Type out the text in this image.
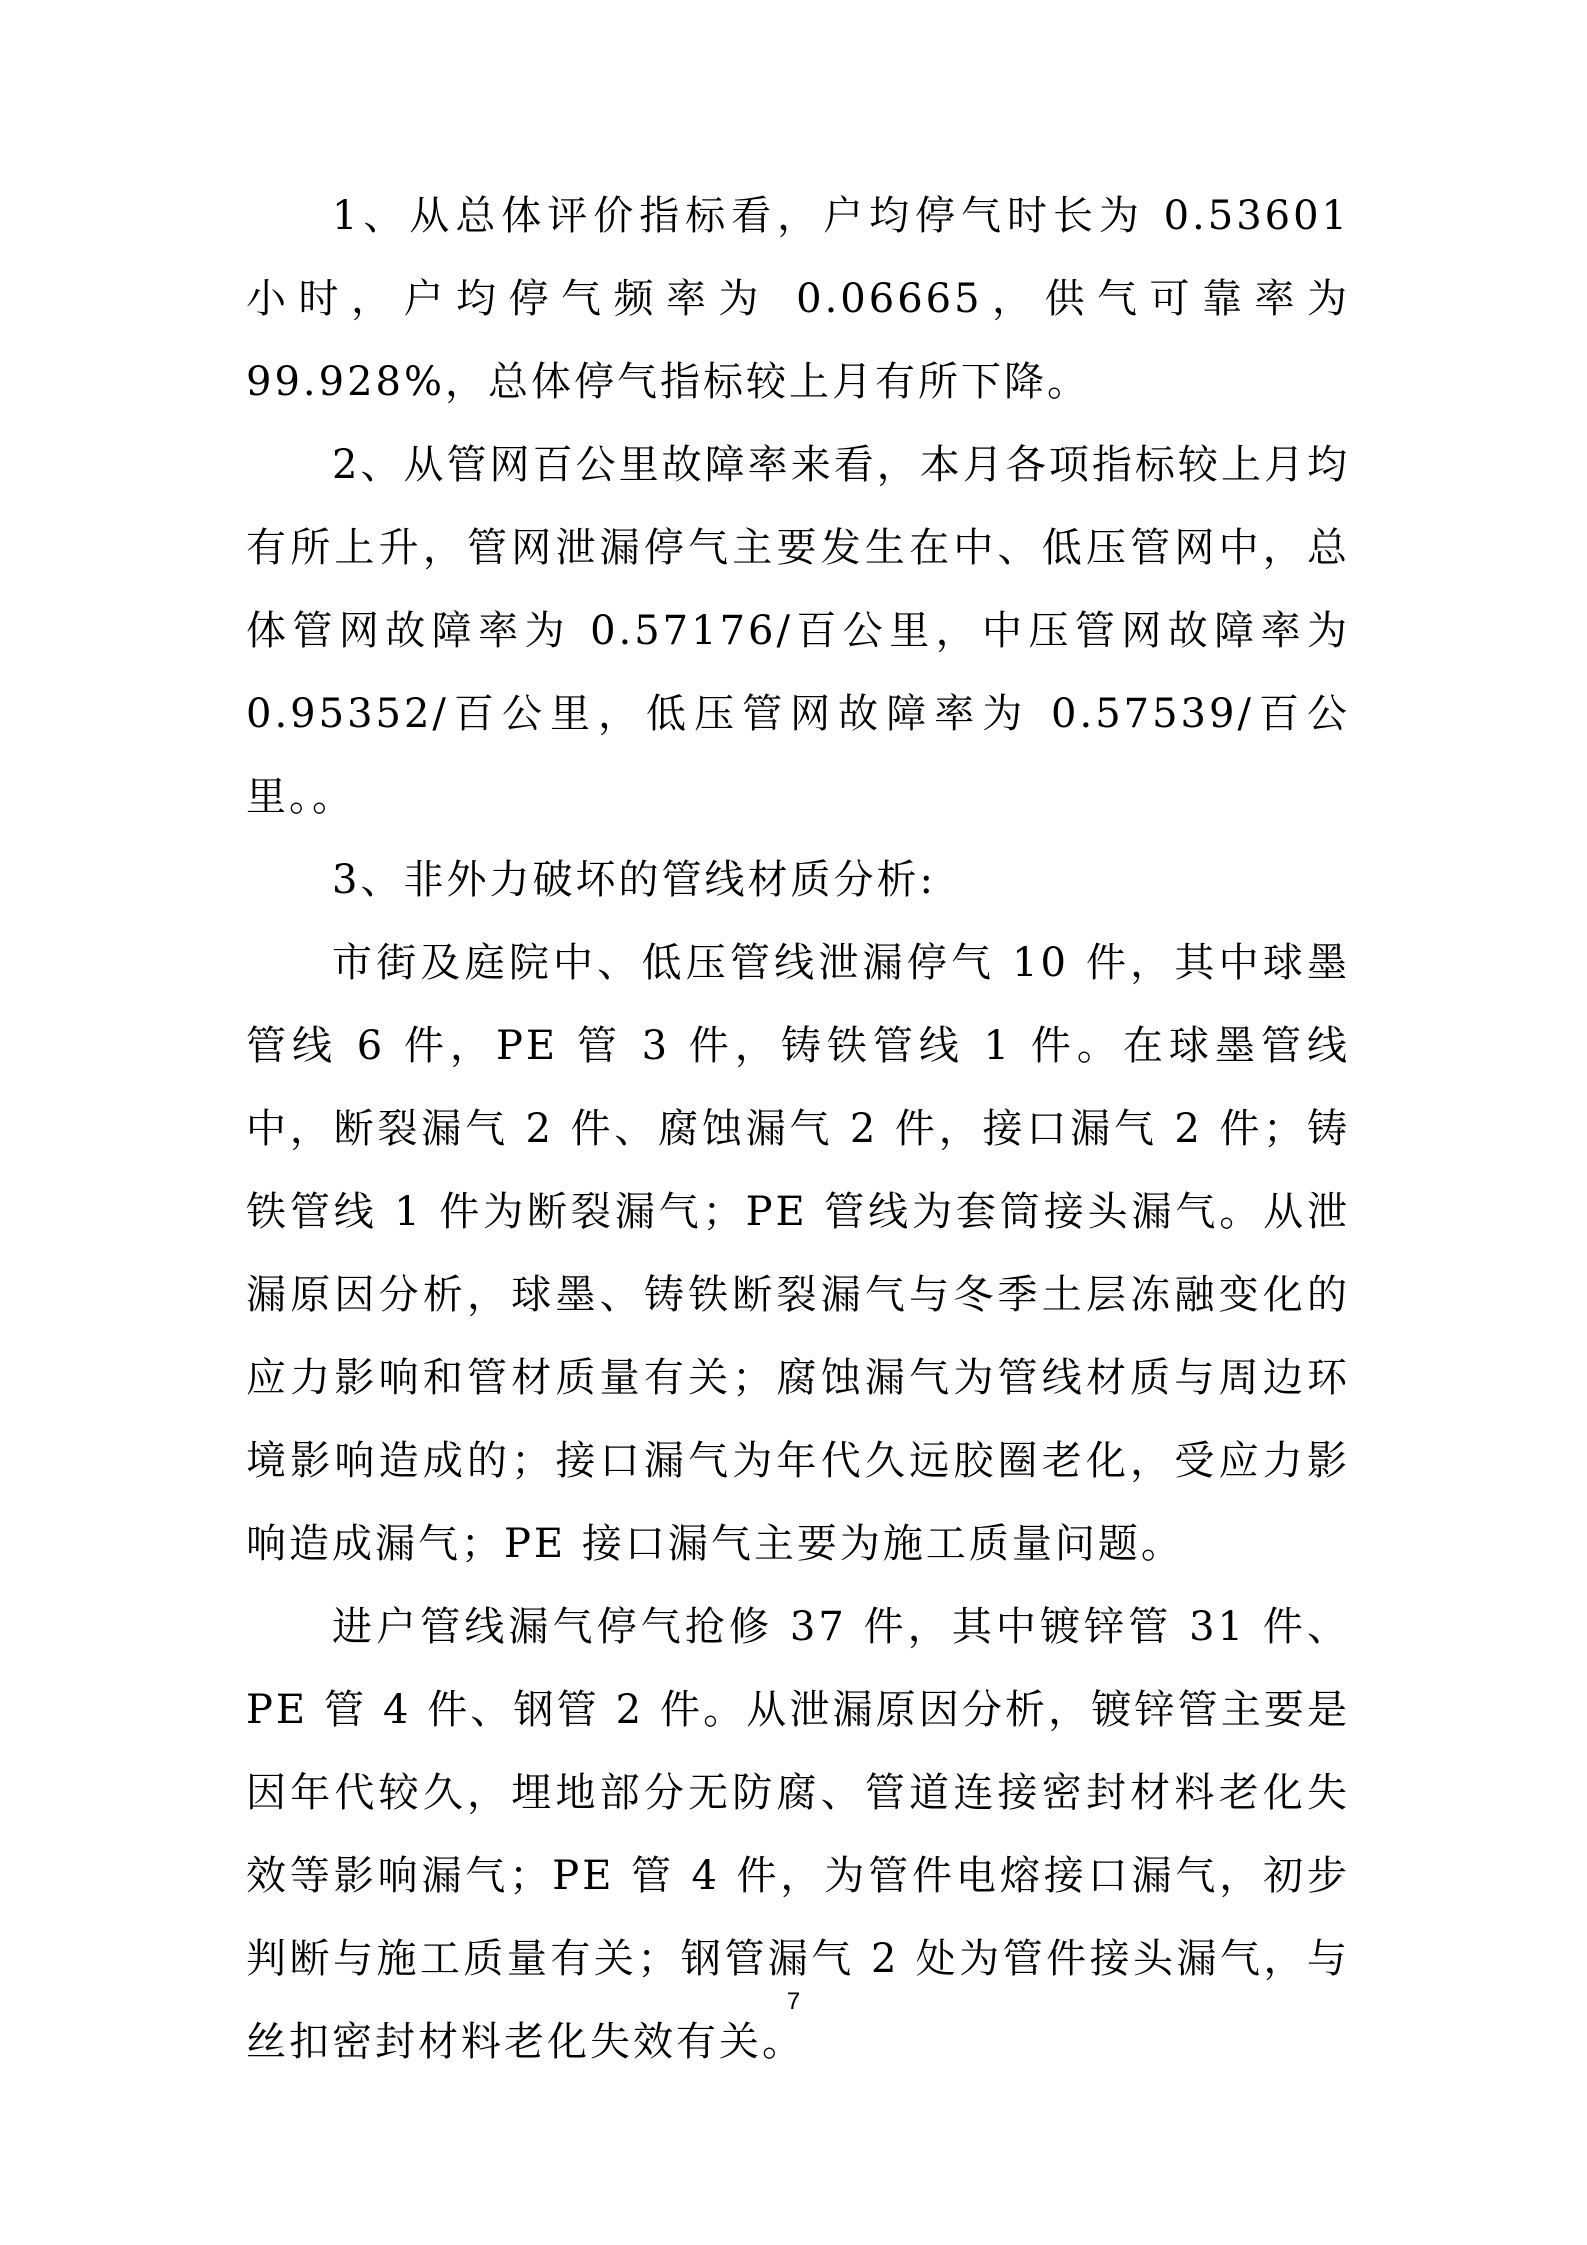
1、从总体评价指标看，户均停气时长为 0.53601 小时，户均停气频率为 0.06665，供气可靠率为 99.928%，总体停气指标较上月有所下降。

2、从管网百公里故障率来看，本月各项指标较上月均有所上升，管网泄漏停气主要发生在中、低压管网中，总体管网故障率为 0.57176/百公里，中压管网故障率为 0.95352/百公里，低压管网故障率为 0.57539/百公里。。

3、非外力破坏的管线材质分析:

市街及庭院中、低压管线泄漏停气 10 件，其中球墨管线 6 件，PE 管 3 件，铸铁管线 1 件。在球墨管线中，断裂漏气 2 件、腐蚀漏气 2 件，接口漏气 2 件；铸铁管线 1 件为断裂漏气；PE 管线为套筒接头漏气。从泄漏原因分析，球墨、铸铁断裂漏气与冬季土层冻融变化的应力影响和管材质量有关；腐蚀漏气为管线材质与周边环境影响造成的；接口漏气为年代久远胶圈老化，受应力影响造成漏气；PE 接口漏气主要为施工质量问题。

进户管线漏气停气抢修 37 件，其中镀锌管 31 件、PE 管 4 件、钢管 2 件。从泄漏原因分析，镀锌管主要是因年代较久，埋地部分无防腐、管道连接密封材料老化失效等影响漏气；PE 管 4 件，为管件电熔接口漏气，初步判断与施工质量有关；钢管漏气 2 处为管件接头漏气，与丝扣密封材料老化失效有关。

7
